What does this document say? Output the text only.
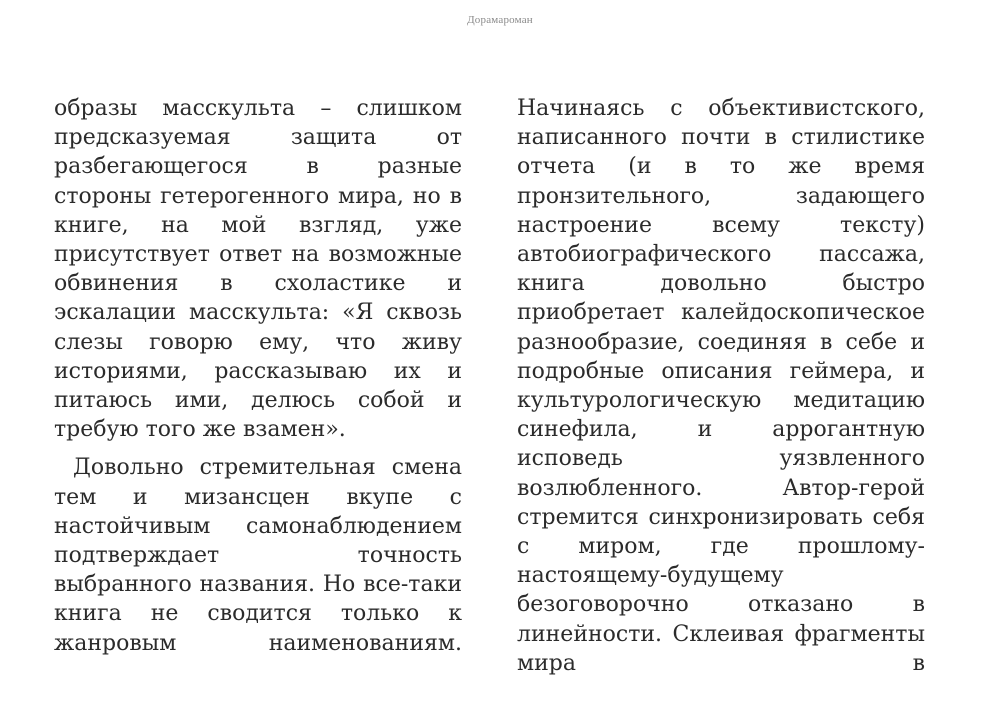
Дорамароман

образы масскульта – слишком предсказуемая защита от разбегающегося в разные стороны гетерогенного мира, но в книге, на мой взгляд, уже присутствует ответ на возможные обвинения в схоластике и эскалации масскульта: «Я сквозь слезы говорю ему, что живу историями, рассказываю их и питаюсь ими, делюсь собой и требую того же взамен».

Довольно стремительная смена тем и мизансцен вкупе с настойчивым самонаблюдением подтверждает точность выбранного названия. Но все-таки книга не сводится только к жанровым наименованиям.

Начинаясь с объективистского, написанного почти в стилистике отчета (и в то же время пронзительного, задающего настроение всему тексту) автобиографического пассажа, книга довольно быстро приобретает калейдоскопическое разнообразие, соединяя в себе и подробные описания геймера, и культурологическую медитацию синефила, и аррогантную исповедь уязвленного возлюбленного. Автор-герой стремится синхронизировать себя с миром, где прошлому-настоящему-будущему безоговорочно отказано в линейности. Склеивая фрагменты мира в
